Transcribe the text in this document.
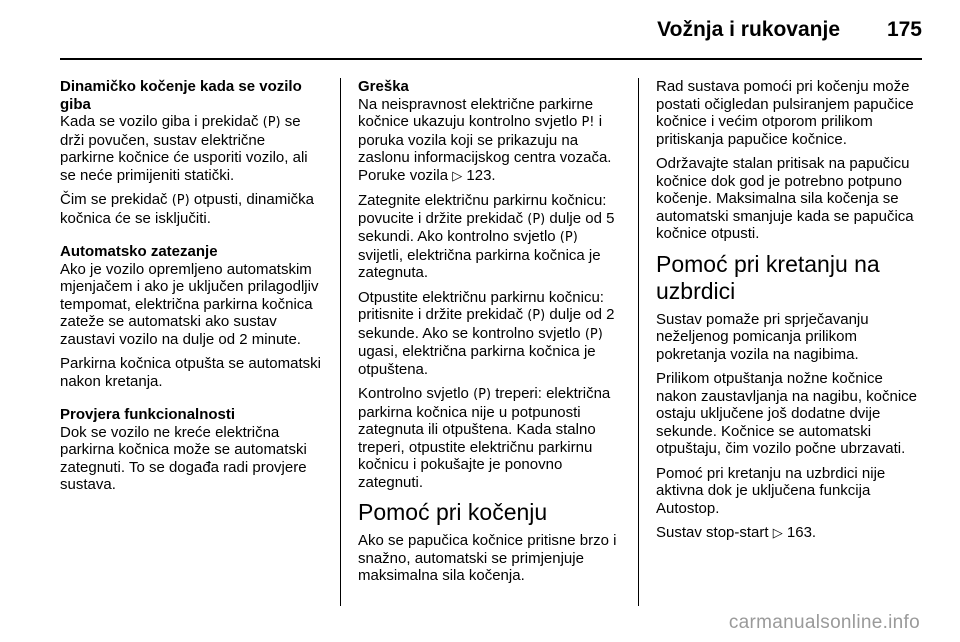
Vožnja i rukovanje 175

Dinamičko kočenje kada se vozilo giba

Kada se vozilo giba i prekidač (P) se drži povučen, sustav električne parkirne kočnice će usporiti vozilo, ali se neće primijeniti statički.

Čim se prekidač (P) otpusti, dinamička kočnica će se isključiti.

Automatsko zatezanje

Ako je vozilo opremljeno automatskim mjenjačem i ako je uključen prilagodljiv tempomat, električna parkirna kočnica zateže se automatski ako sustav zaustavi vozilo na dulje od 2 minute.

Parkirna kočnica otpušta se automatski nakon kretanja.

Provjera funkcionalnosti

Dok se vozilo ne kreće električna parkirna kočnica može se automatski zategnuti. To se događa radi provjere sustava.

Greška

Na neispravnost električne parkirne kočnice ukazuju kontrolno svjetlo P! i poruka vozila koji se prikazuju na zaslonu informacijskog centra vozača. Poruke vozila ▷ 123.

Zategnite električnu parkirnu kočnicu: povucite i držite prekidač (P) dulje od 5 sekundi. Ako kontrolno svjetlo (P) svijetli, električna parkirna kočnica je zategnuta.

Otpustite električnu parkirnu kočnicu: pritisnite i držite prekidač (P) dulje od 2 sekunde. Ako se kontrolno svjetlo (P) ugasi, električna parkirna kočnica je otpuštena.

Kontrolno svjetlo (P) treperi: električna parkirna kočnica nije u potpunosti zategnuta ili otpuštena. Kada stalno treperi, otpustite električnu parkirnu kočnicu i pokušajte je ponovno zategnuti.

Pomoć pri kočenju

Ako se papučica kočnice pritisne brzo i snažno, automatski se primjenjuje maksimalna sila kočenja.

Rad sustava pomoći pri kočenju može postati očigledan pulsiranjem papučice kočnice i većim otporom prilikom pritiskanja papučice kočnice.

Održavajte stalan pritisak na papučicu kočnice dok god je potrebno potpuno kočenje. Maksimalna sila kočenja se automatski smanjuje kada se papučica kočnice otpusti.

Pomoć pri kretanju na uzbrdici

Sustav pomaže pri sprječavanju neželjenog pomicanja prilikom pokretanja vozila na nagibima.

Prilikom otpuštanja nožne kočnice nakon zaustavljanja na nagibu, kočnice ostaju uključene još dodatne dvije sekunde. Kočnice se automatski otpuštaju, čim vozilo počne ubrzavati.

Pomoć pri kretanju na uzbrdici nije aktivna dok je uključena funkcija Autostop.

Sustav stop-start ▷ 163.

carmanualsonline.info
